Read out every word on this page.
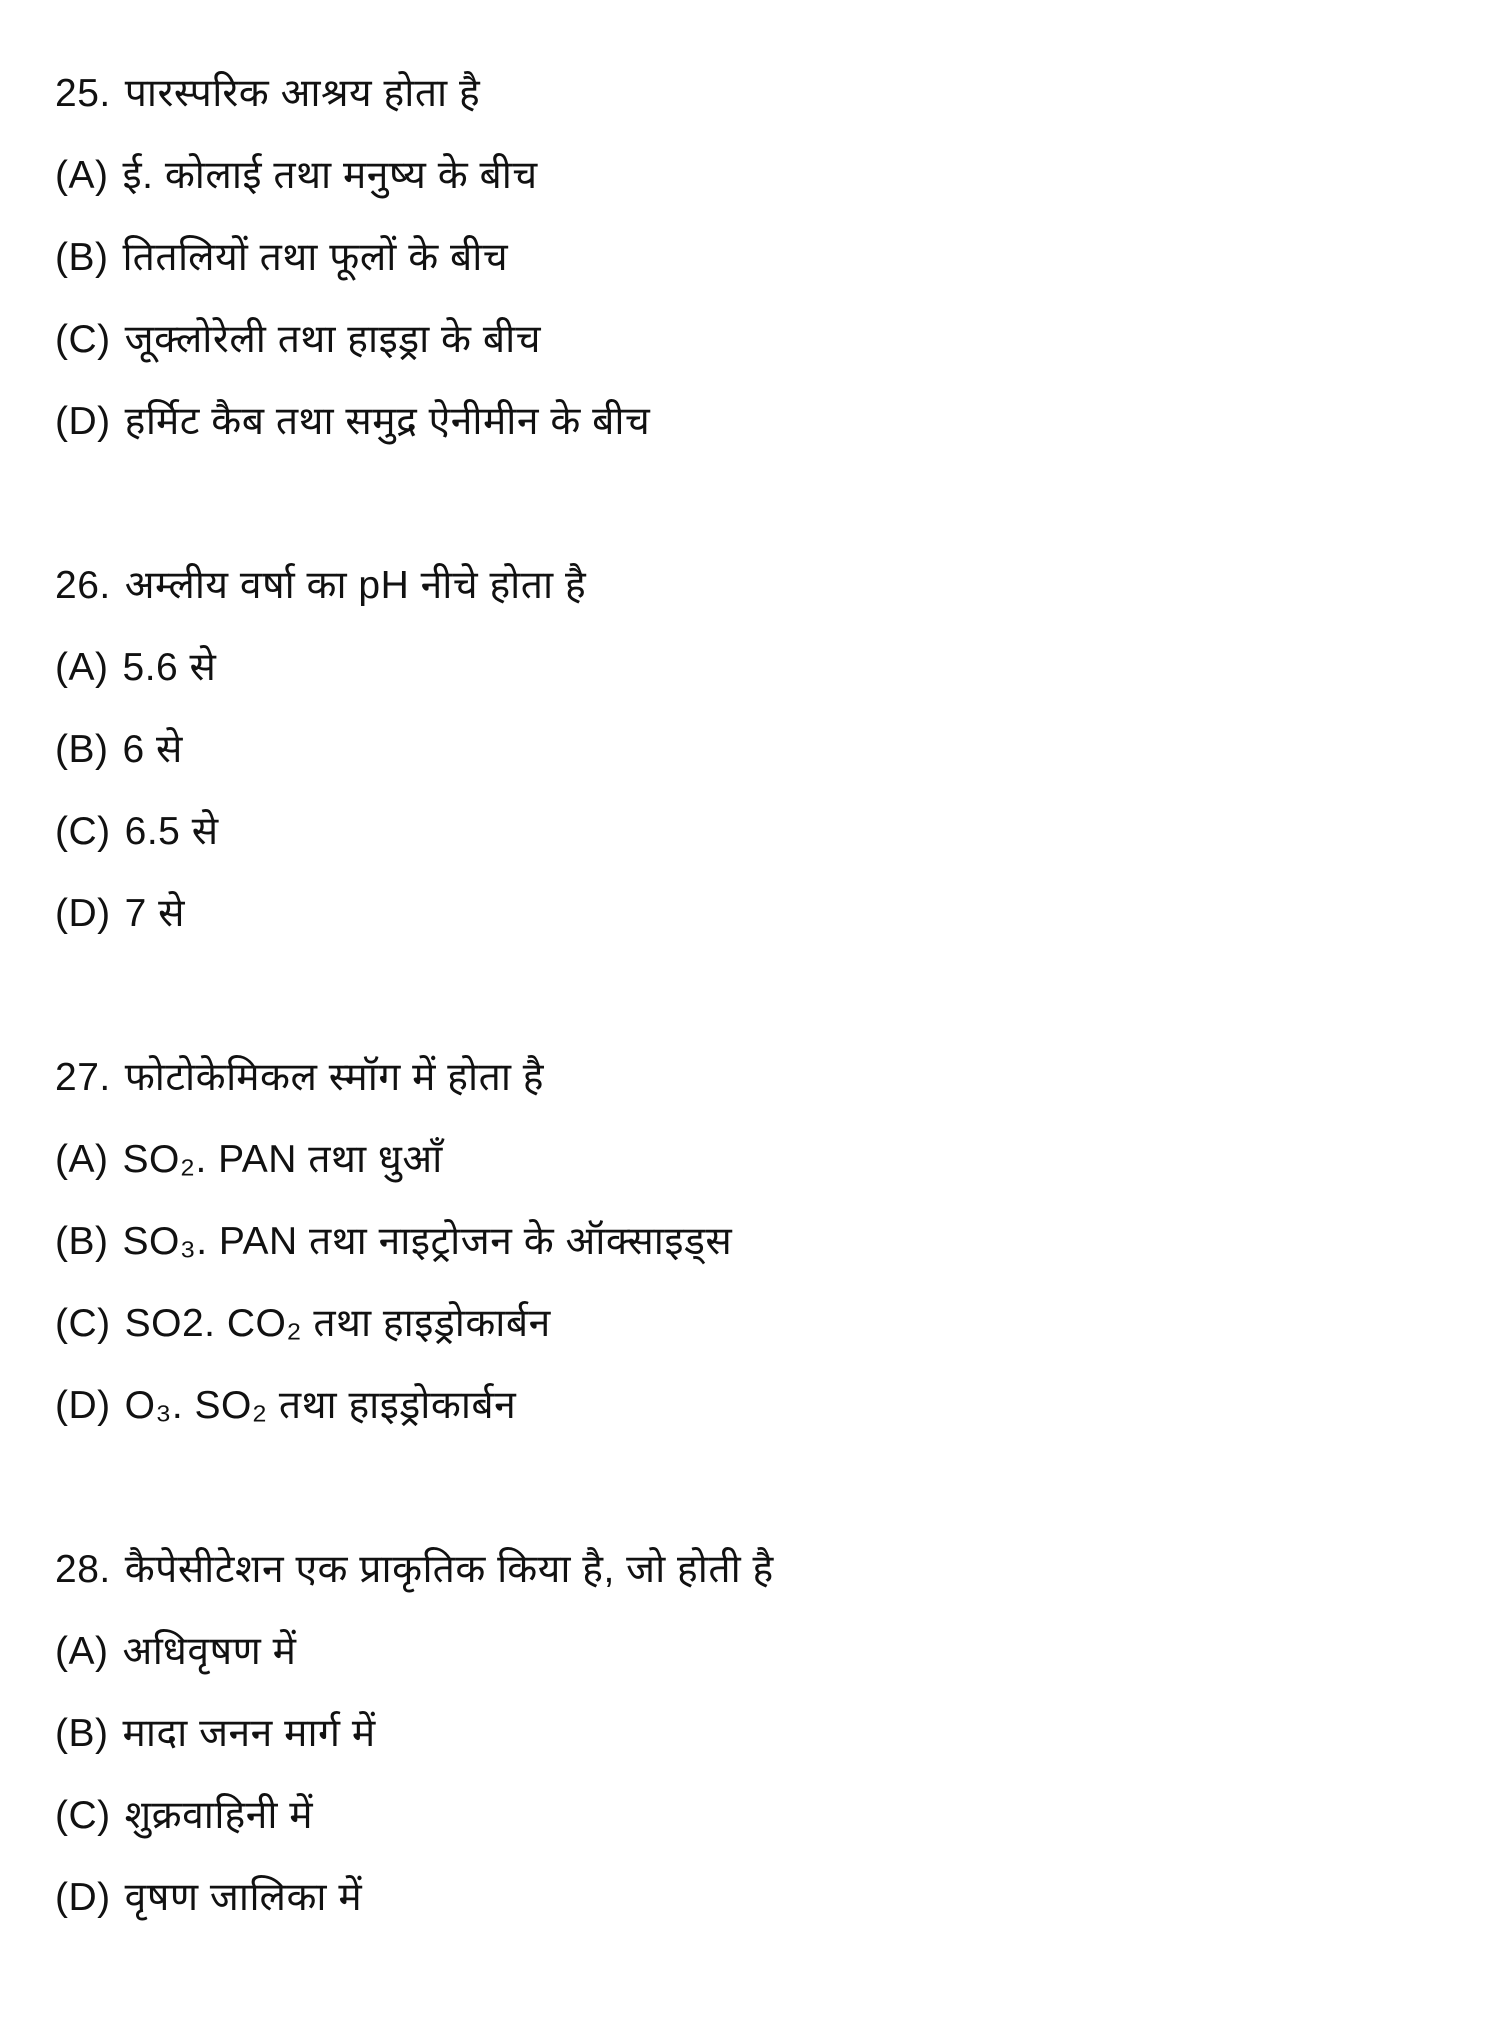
25. पारस्परिक आश्रय होता है
(A) ई. कोलाई तथा मनुष्य के बीच
(B) तितलियों तथा फूलों के बीच
(C) जूक्लोरेली तथा हाइड्रा के बीच
(D) हर्मिट कैब तथा समुद्र ऐनीमीन के बीच
26. अम्लीय वर्षा का pH नीचे होता है
(A) 5.6 से
(B) 6 से
(C) 6.5 से
(D) 7 से
27. फोटोकेमिकल स्मॉग में होता है
(A) SO₂. PAN तथा धुआँ
(B) SO₃. PAN तथा नाइट्रोजन के ऑक्साइड्स
(C) SO2. CO₂ तथा हाइड्रोकार्बन
(D) O₃. SO₂ तथा हाइड्रोकार्बन
28. कैपेसीटेशन एक प्राकृतिक किया है, जो होती है
(A) अधिवृषण में
(B) मादा जनन मार्ग में
(C) शुक्रवाहिनी में
(D) वृषण जालिका में
